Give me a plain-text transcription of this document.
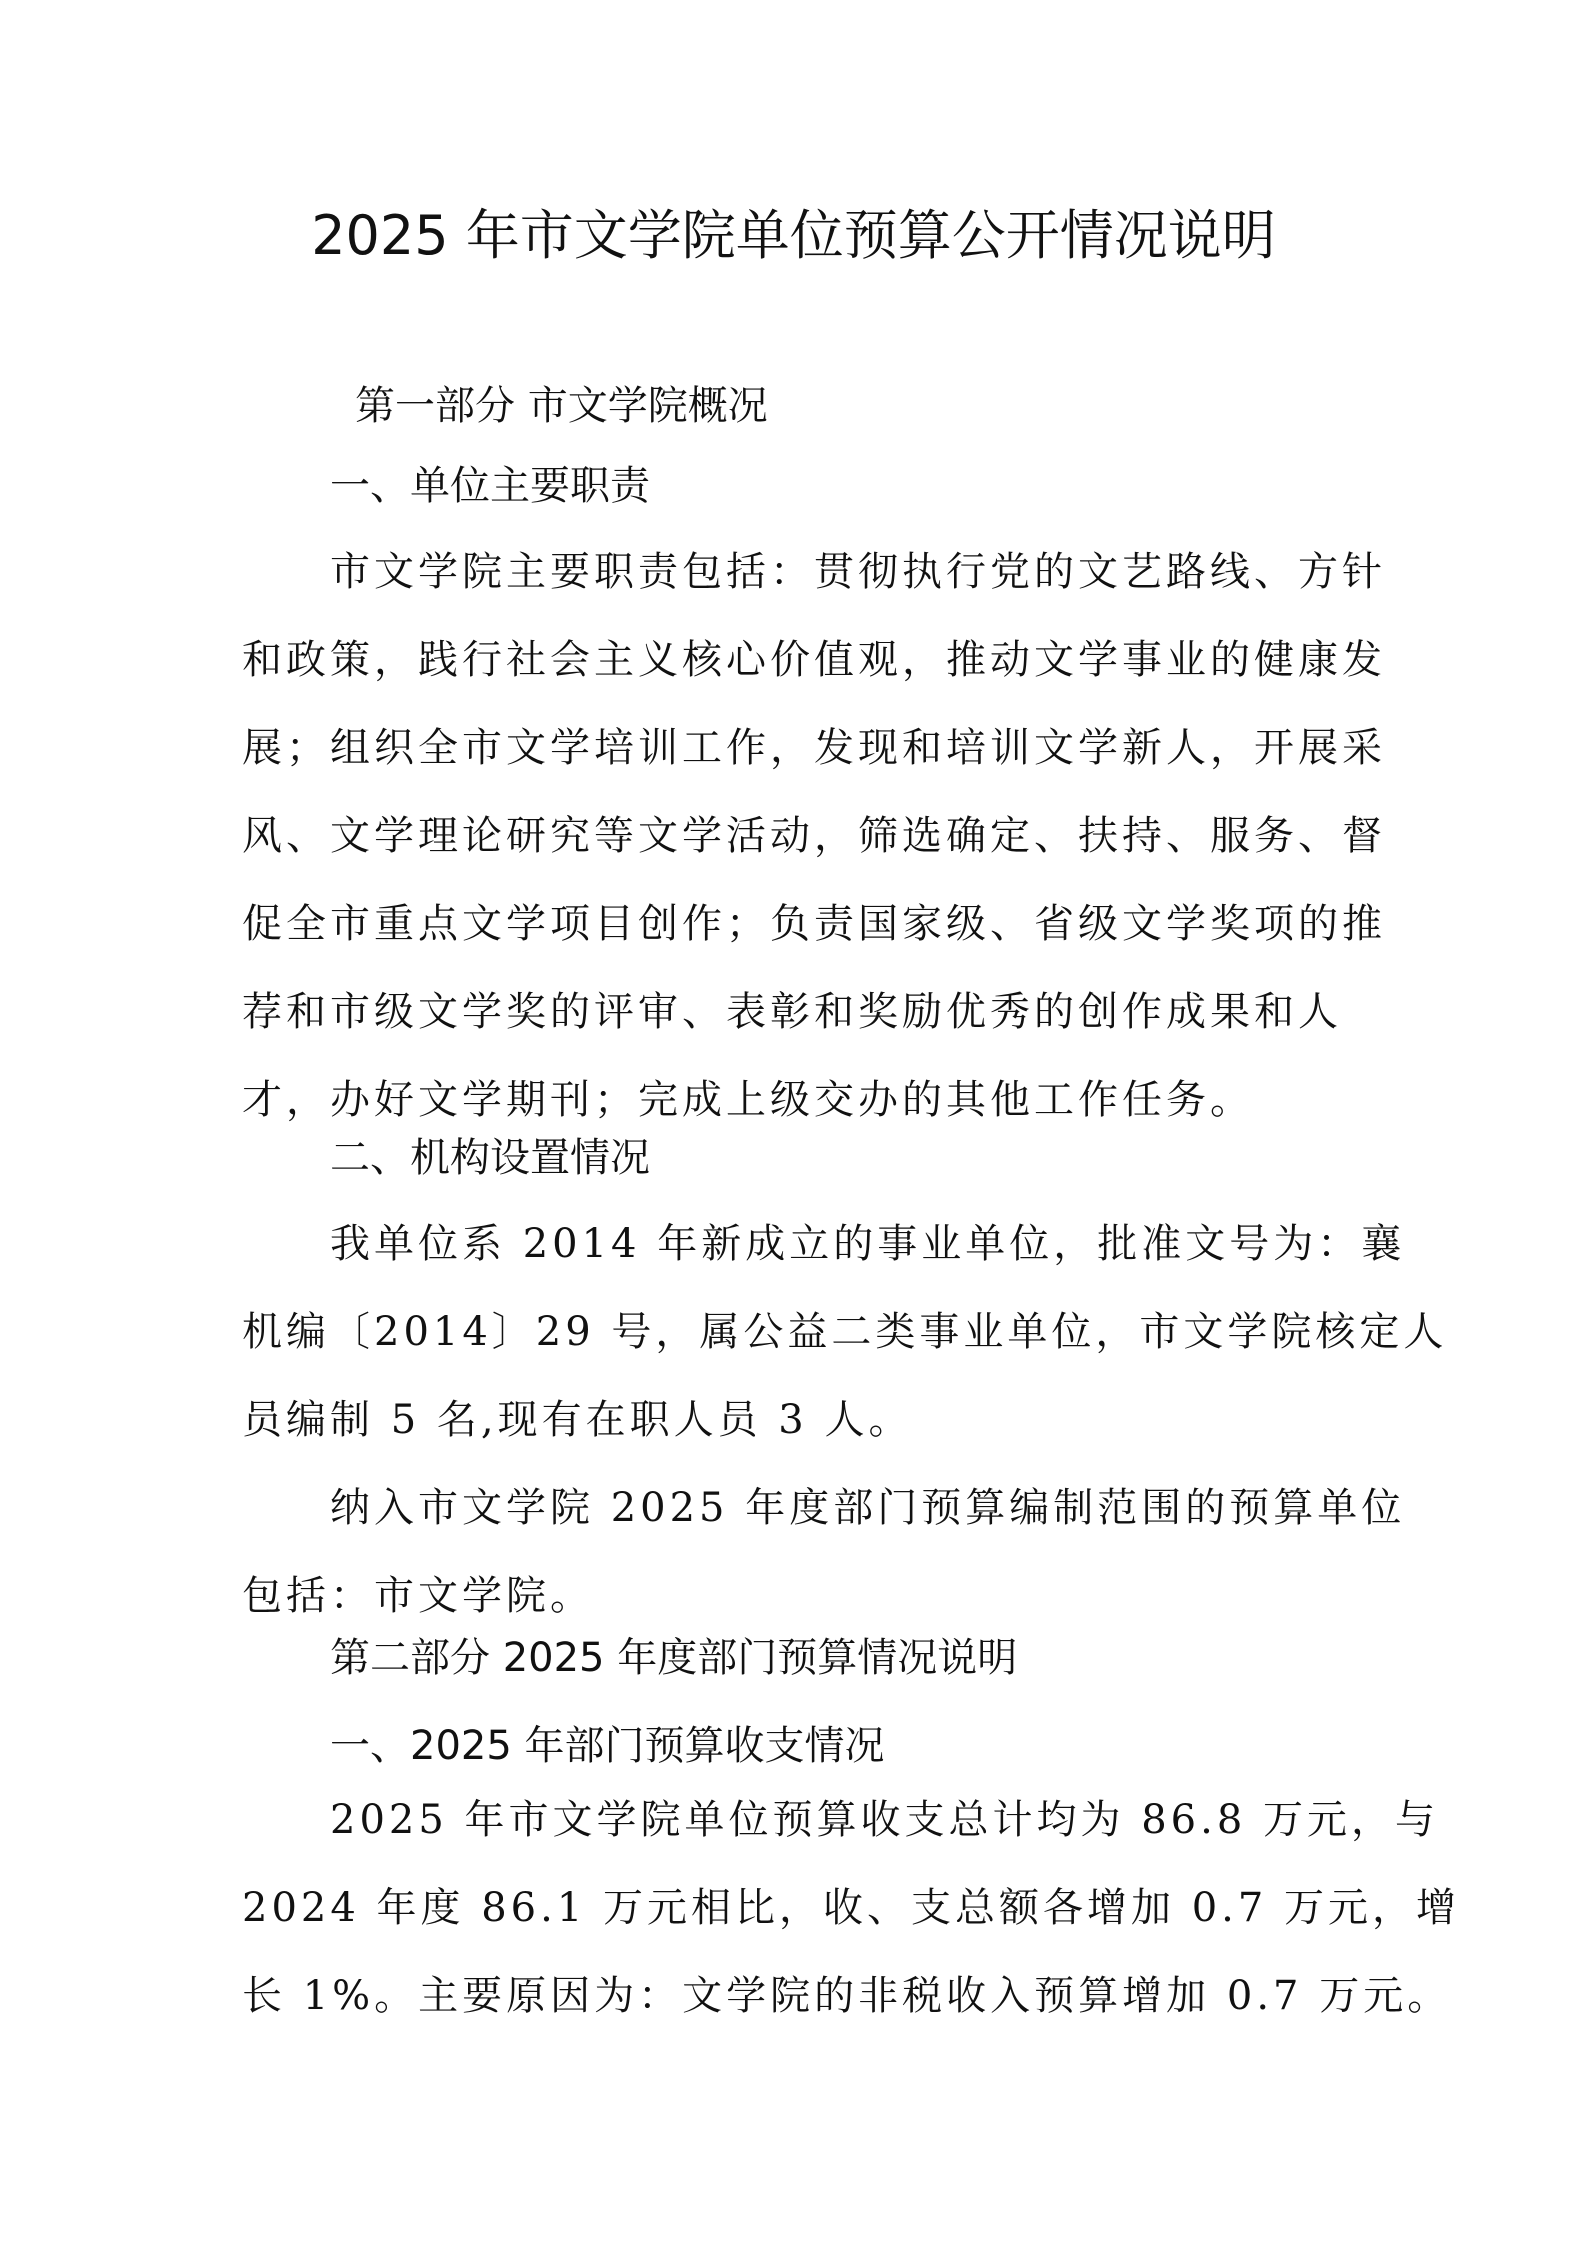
2025 年市文学院单位预算公开情况说明
第一部分 市文学院概况
一、单位主要职责
市文学院主要职责包括：贯彻执行党的文艺路线、方针
和政策，践行社会主义核心价值观，推动文学事业的健康发
展；组织全市文学培训工作，发现和培训文学新人，开展采
风、文学理论研究等文学活动，筛选确定、扶持、服务、督
促全市重点文学项目创作；负责国家级、省级文学奖项的推
荐和市级文学奖的评审、表彰和奖励优秀的创作成果和人
才，办好文学期刊；完成上级交办的其他工作任务。
二、机构设置情况
我单位系 2014 年新成立的事业单位，批准文号为：襄
机编〔2014〕29 号，属公益二类事业单位，市文学院核定人
员编制 5 名,现有在职人员 3 人。
纳入市文学院 2025 年度部门预算编制范围的预算单位
包括：市文学院。
第二部分 2025 年度部门预算情况说明
一、2025 年部门预算收支情况
2025 年市文学院单位预算收支总计均为 86.8 万元，与
2024 年度 86.1 万元相比，收、支总额各增加 0.7 万元，增
长 1%。主要原因为：文学院的非税收入预算增加 0.7 万元。
